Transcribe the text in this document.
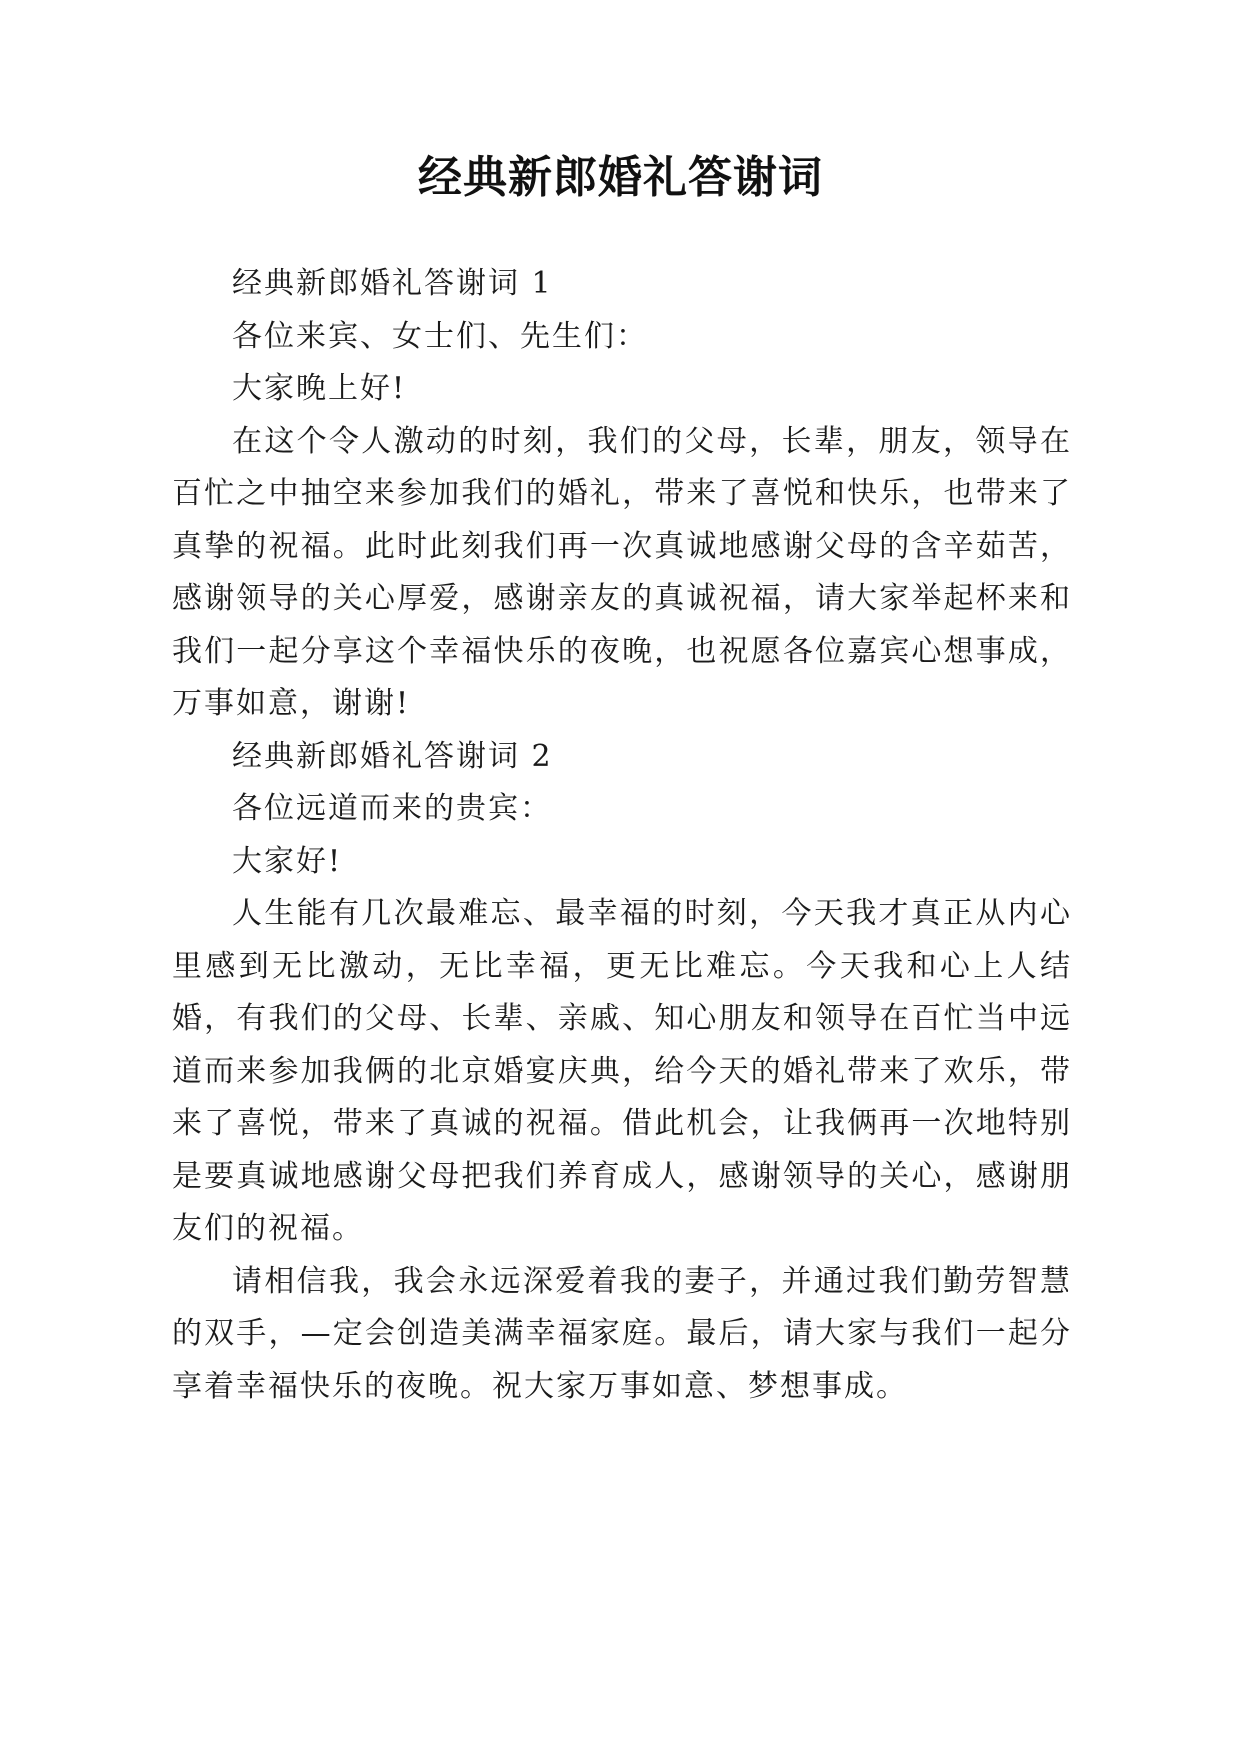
经典新郎婚礼答谢词

经典新郎婚礼答谢词 1

各位来宾、女士们、先生们：

大家晚上好!

在这个令人激动的时刻，我们的父母，长辈，朋友，领导在百忙之中抽空来参加我们的婚礼，带来了喜悦和快乐，也带来了真挚的祝福。此时此刻我们再一次真诚地感谢父母的含辛茹苦，感谢领导的关心厚爱，感谢亲友的真诚祝福，请大家举起杯来和我们一起分享这个幸福快乐的夜晚，也祝愿各位嘉宾心想事成，万事如意，谢谢!

经典新郎婚礼答谢词 2

各位远道而来的贵宾：

大家好!

人生能有几次最难忘、最幸福的时刻，今天我才真正从内心里感到无比激动，无比幸福，更无比难忘。今天我和心上人结婚，有我们的父母、长辈、亲戚、知心朋友和领导在百忙当中远道而来参加我俩的北京婚宴庆典，给今天的婚礼带来了欢乐，带来了喜悦，带来了真诚的祝福。借此机会，让我俩再一次地特别是要真诚地感谢父母把我们养育成人，感谢领导的关心，感谢朋友们的祝福。

请相信我，我会永远深爱着我的妻子，并通过我们勤劳智慧的双手，—定会创造美满幸福家庭。最后，请大家与我们一起分享着幸福快乐的夜晚。祝大家万事如意、梦想事成。
